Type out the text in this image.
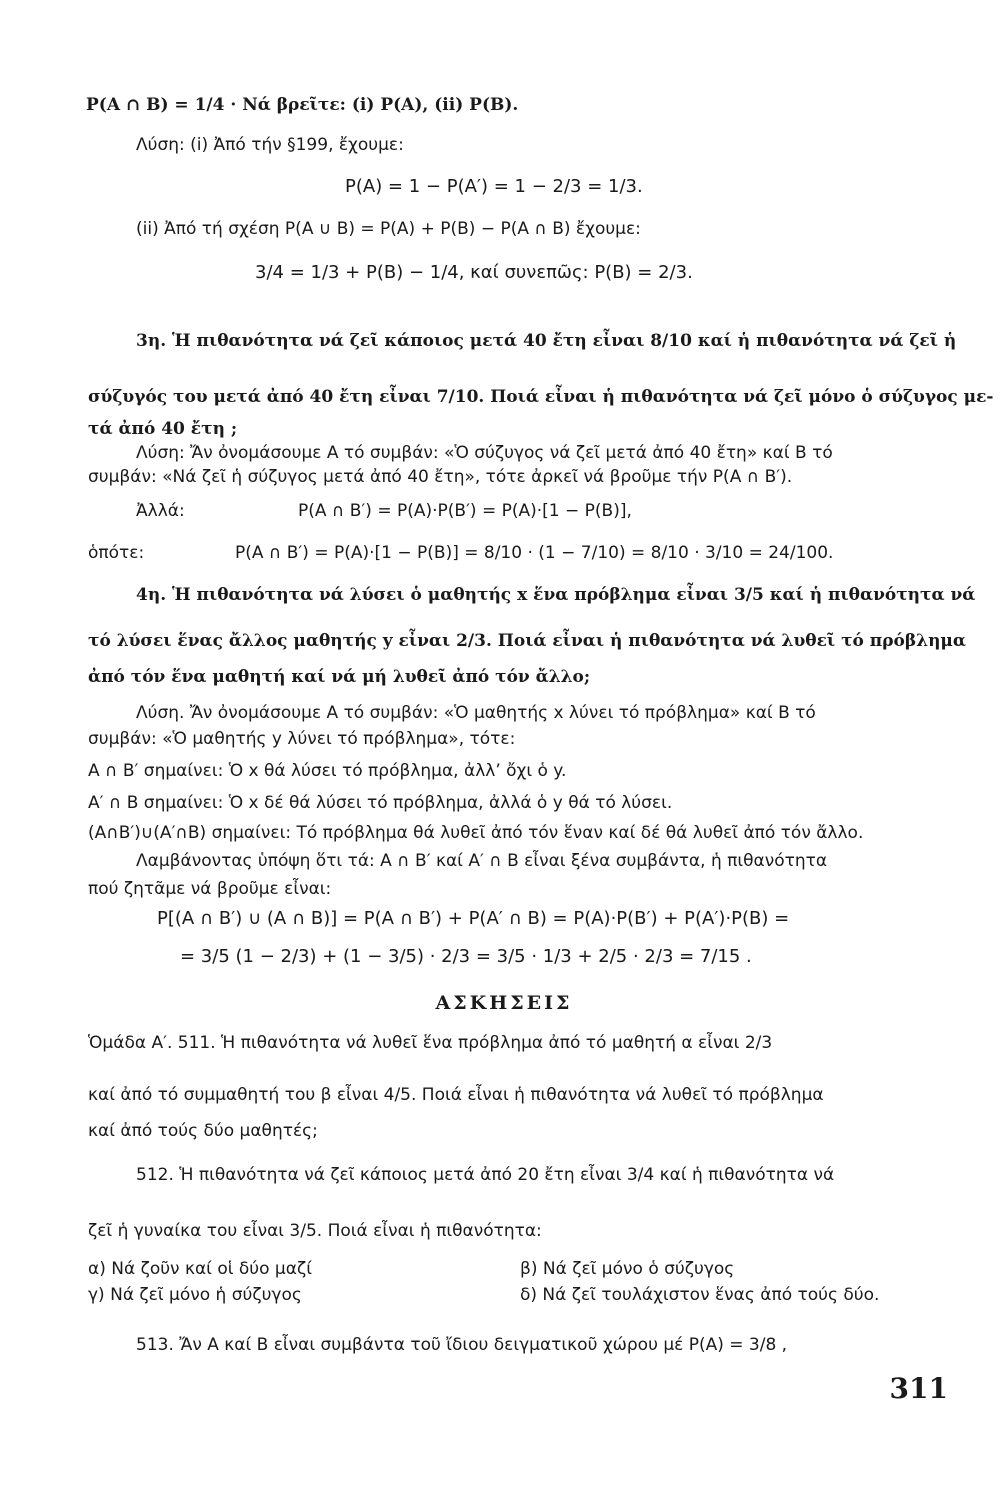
P(A ∩ B) = 1/4 · Νά βρεῖτε: (i) P(A), (ii) P(B).
Λύση: (i) Ἀπό τήν §199, ἔχουμε:
P(A) = 1 − P(A′) = 1 − 2/3 = 1/3.
(ii) Ἀπό τή σχέση P(A ∪ B) = P(A) + P(B) − P(A ∩ B) ἔχουμε:
3/4 = 1/3 + P(B) − 1/4, καί συνεπῶς: P(B) = 2/3.
3η. Ἡ πιθανότητα νά ζεῖ κάποιος μετά 40 ἔτη εἶναι 8/10 καί ἡ πιθανότητα νά ζεῖ ἡ
σύζυγός του μετά ἀπό 40 ἔτη εἶναι 7/10. Ποιά εἶναι ἡ πιθανότητα νά ζεῖ μόνο ὁ σύζυγος με-
τά ἀπό 40 ἔτη ;
Λύση: Ἄν ὀνομάσουμε A τό συμβάν: «Ὁ σύζυγος νά ζεῖ μετά ἀπό 40 ἔτη» καί B τό
συμβάν: «Νά ζεῖ ἡ σύζυγος μετά ἀπό 40 ἔτη», τότε ἀρκεῖ νά βροῦμε τήν P(A ∩ B′).
Ἀλλά:	P(A ∩ B′) = P(A)·P(B′) = P(A)·[1 − P(B)],
ὁπότε:	P(A ∩ B′) = P(A)·[1 − P(B)] = 8/10 · (1 − 7/10) = 8/10 · 3/10 = 24/100.
4η. Ἡ πιθανότητα νά λύσει ὁ μαθητής x ἕνα πρόβλημα εἶναι 3/5 καί ἡ πιθανότητα νά
τό λύσει ἕνας ἄλλος μαθητής y εἶναι 2/3. Ποιά εἶναι ἡ πιθανότητα νά λυθεῖ τό πρόβλημα
ἀπό τόν ἕνα μαθητή καί νά μή λυθεῖ ἀπό τόν ἄλλο;
Λύση. Ἄν ὀνομάσουμε A τό συμβάν: «Ὁ μαθητής x λύνει τό πρόβλημα» καί B τό
συμβάν: «Ὁ μαθητής y λύνει τό πρόβλημα», τότε:
A ∩ B′ σημαίνει: Ὁ x θά λύσει τό πρόβλημα, ἀλλ’ ὄχι ὁ y.
A′ ∩ B σημαίνει: Ὁ x δέ θά λύσει τό πρόβλημα, ἀλλά ὁ y θά τό λύσει.
(A∩B′)∪(A′∩B) σημαίνει: Τό πρόβλημα θά λυθεῖ ἀπό τόν ἕναν καί δέ θά λυθεῖ ἀπό τόν ἄλλο.
Λαμβάνοντας ὑπόψη ὅτι τά: A ∩ B′ καί A′ ∩ B εἶναι ξένα συμβάντα, ἡ πιθανότητα
πού ζητᾶμε νά βροῦμε εἶναι:
P[(A ∩ B′) ∪ (A ∩ B)] = P(A ∩ B′) + P(A′ ∩ B) = P(A)·P(B′) + P(A′)·P(B) =
= 3/5 (1 − 2/3) + (1 − 3/5) · 2/3 = 3/5 · 1/3 + 2/5 · 2/3 = 7/15 .
ΑΣΚΗΣΕΙΣ
Ὁμάδα Α′. 511. Ἡ πιθανότητα νά λυθεῖ ἕνα πρόβλημα ἀπό τό μαθητή α εἶναι 2/3
καί ἀπό τό συμμαθητή του β εἶναι 4/5. Ποιά εἶναι ἡ πιθανότητα νά λυθεῖ τό πρόβλημα
καί ἀπό τούς δύο μαθητές;
512. Ἡ πιθανότητα νά ζεῖ κάποιος μετά ἀπό 20 ἔτη εἶναι 3/4 καί ἡ πιθανότητα νά
ζεῖ ἡ γυναίκα του εἶναι 3/5. Ποιά εἶναι ἡ πιθανότητα:
α) Νά ζοῦν καί οἱ δύο μαζί	β) Νά ζεῖ μόνο ὁ σύζυγος
γ) Νά ζεῖ μόνο ἡ σύζυγος	δ) Νά ζεῖ τουλάχιστον ἕνας ἀπό τούς δύο.
513. Ἄν A καί B εἶναι συμβάντα τοῦ ἴδιου δειγματικοῦ χώρου μέ P(A) = 3/8 ,
311
